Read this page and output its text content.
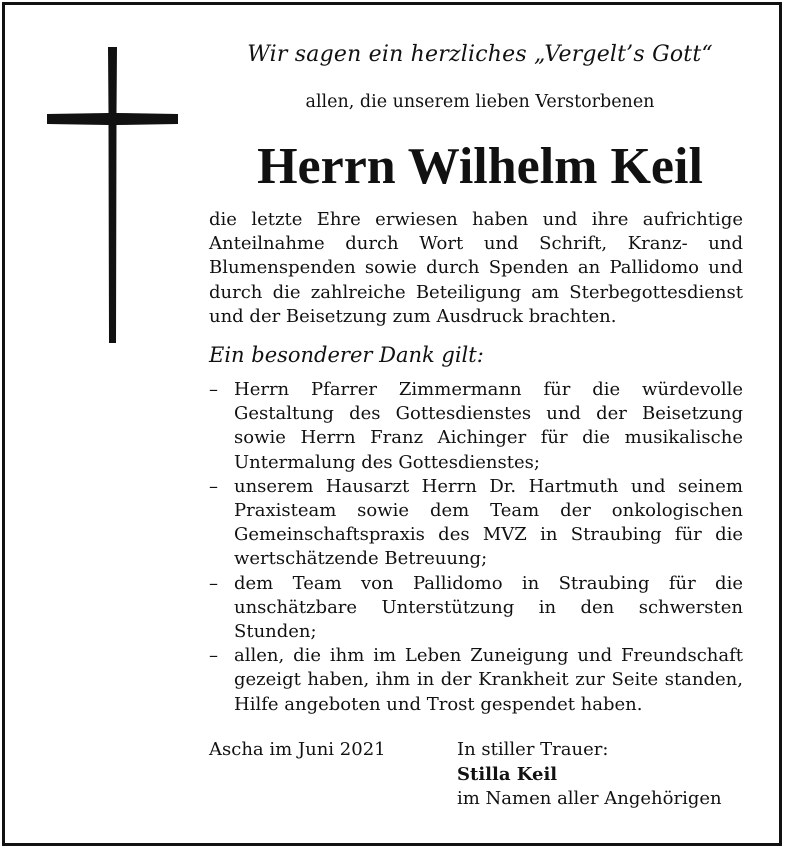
Wir sagen ein herzliches „Vergelt’s Gott“
allen, die unserem lieben Verstorbenen
Herrn Wilhelm Keil
die letzte Ehre erwiesen haben und ihre aufrichtige Anteilnahme durch Wort und Schrift, Kranz- und Blumenspenden sowie durch Spenden an Pallidomo und durch die zahlreiche Beteiligung am Sterbegottesdienst und der Beisetzung zum Ausdruck brachten.
Ein besonderer Dank gilt:
– Herrn Pfarrer Zimmermann für die würdevolle Gestaltung des Gottesdienstes und der Beisetzung sowie Herrn Franz Aichinger für die musikalische Untermalung des Gottesdienstes;
– unserem Hausarzt Herrn Dr. Hartmuth und seinem Praxisteam sowie dem Team der onkologischen Gemeinschaftspraxis des MVZ in Straubing für die wertschätzende Betreuung;
– dem Team von Pallidomo in Straubing für die unschätzbare Unterstützung in den schwersten Stunden;
– allen, die ihm im Leben Zuneigung und Freundschaft gezeigt haben, ihm in der Krankheit zur Seite standen, Hilfe angeboten und Trost gespendet haben.
Ascha im Juni 2021	In stiller Trauer:
Stilla Keil
im Namen aller Angehörigen
